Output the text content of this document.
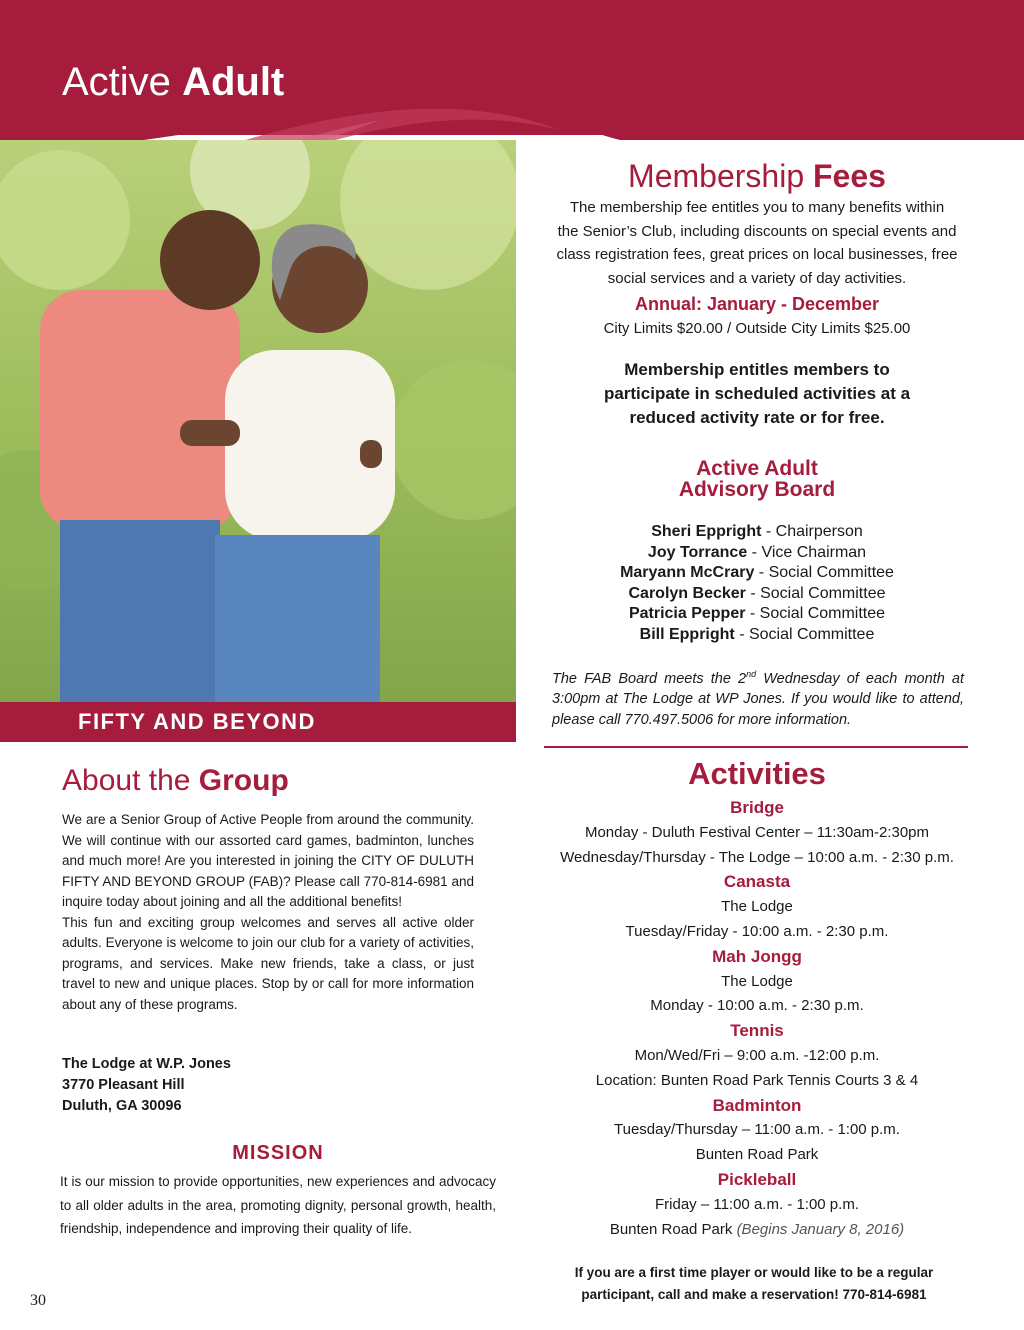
Active Adult
FIFTY AND BEYOND
Membership Fees
The membership fee entitles you to many benefits within
the Senior’s Club, including discounts on special events and
class registration fees, great prices on local businesses, free
social services and a variety of day activities.
Annual: January - December
City Limits $20.00 / Outside City Limits $25.00
Membership entitles members to
participate in scheduled activities at a
reduced activity rate or for free.
Active Adult
Advisory Board
Sheri Eppright - Chairperson
Joy Torrance - Vice Chairman
Maryann McCrary - Social Committee
Carolyn Becker - Social Committee
Patricia Pepper - Social Committee
Bill Eppright - Social Committee
The FAB Board meets the 2nd Wednesday of each month at 3:00pm at The Lodge at WP Jones. If you would like to attend, please call 770.497.5006 for more information.
Activities
Bridge
Monday - Duluth Festival Center – 11:30am-2:30pm
Wednesday/Thursday - The Lodge – 10:00 a.m. - 2:30 p.m.
Canasta
The Lodge
Tuesday/Friday - 10:00 a.m. - 2:30 p.m.
Mah Jongg
The Lodge
Monday - 10:00 a.m. - 2:30 p.m.
Tennis
Mon/Wed/Fri – 9:00 a.m. -12:00 p.m.
Location: Bunten Road Park Tennis Courts 3 & 4
Badminton
Tuesday/Thursday – 11:00 a.m. - 1:00 p.m.
Bunten Road Park
Pickleball
Friday – 11:00 a.m. - 1:00 p.m.
Bunten Road Park (Begins January 8, 2016)
If you are a first time player or would like to be a regular
participant, call and make a reservation! 770-814-6981
About the Group
We are a Senior Group of Active People from around the community. We will continue with our assorted card games, badminton, lunches and much more! Are you interested in joining the CITY OF DULUTH FIFTY AND BEYOND GROUP (FAB)? Please call 770-814-6981 and inquire today about joining and all the additional benefits!
This fun and exciting group welcomes and serves all active older adults. Everyone is welcome to join our club for a variety of activities, programs, and services. Make new friends, take a class, or just travel to new and unique places. Stop by or call for more information about any of these programs.
The Lodge at W.P. Jones
3770 Pleasant Hill
Duluth, GA 30096
MISSION
It is our mission to provide opportunities, new experiences and advocacy to all older adults in the area, promoting dignity, personal growth, health, friendship, independence and improving their quality of life.
30
